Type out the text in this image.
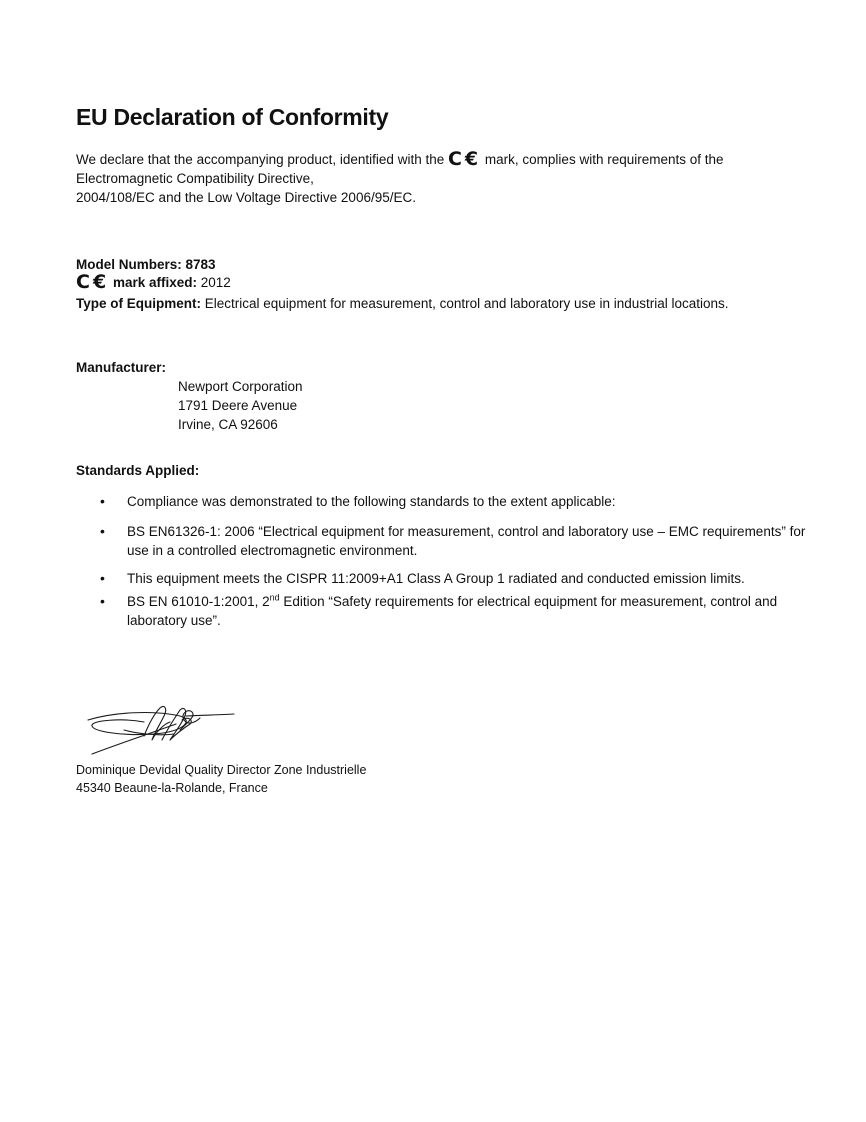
EU Declaration of Conformity

We declare that the accompanying product, identified with the C€ mark, complies with requirements of the
Electromagnetic Compatibility Directive,
2004/108/EC and the Low Voltage Directive 2006/95/EC.

Model Numbers: 8783

C€ mark affixed: 2012

Type of Equipment: Electrical equipment for measurement, control and laboratory use in industrial locations.

Manufacturer:

Newport Corporation
1791 Deere Avenue
Irvine, CA 92606

Standards Applied:

• Compliance was demonstrated to the following standards to the extent applicable:
• BS EN61326-1: 2006 “Electrical equipment for measurement, control and laboratory use – EMC requirements” for use in a controlled electromagnetic environment.
• This equipment meets the CISPR 11:2009+A1 Class A Group 1 radiated and conducted emission limits.
• BS EN 61010-1:2001, 2nd Edition “Safety requirements for electrical equipment for measurement, control and laboratory use”.

Dominique Devidal Quality Director Zone Industrielle
45340 Beaune-la-Rolande, France
